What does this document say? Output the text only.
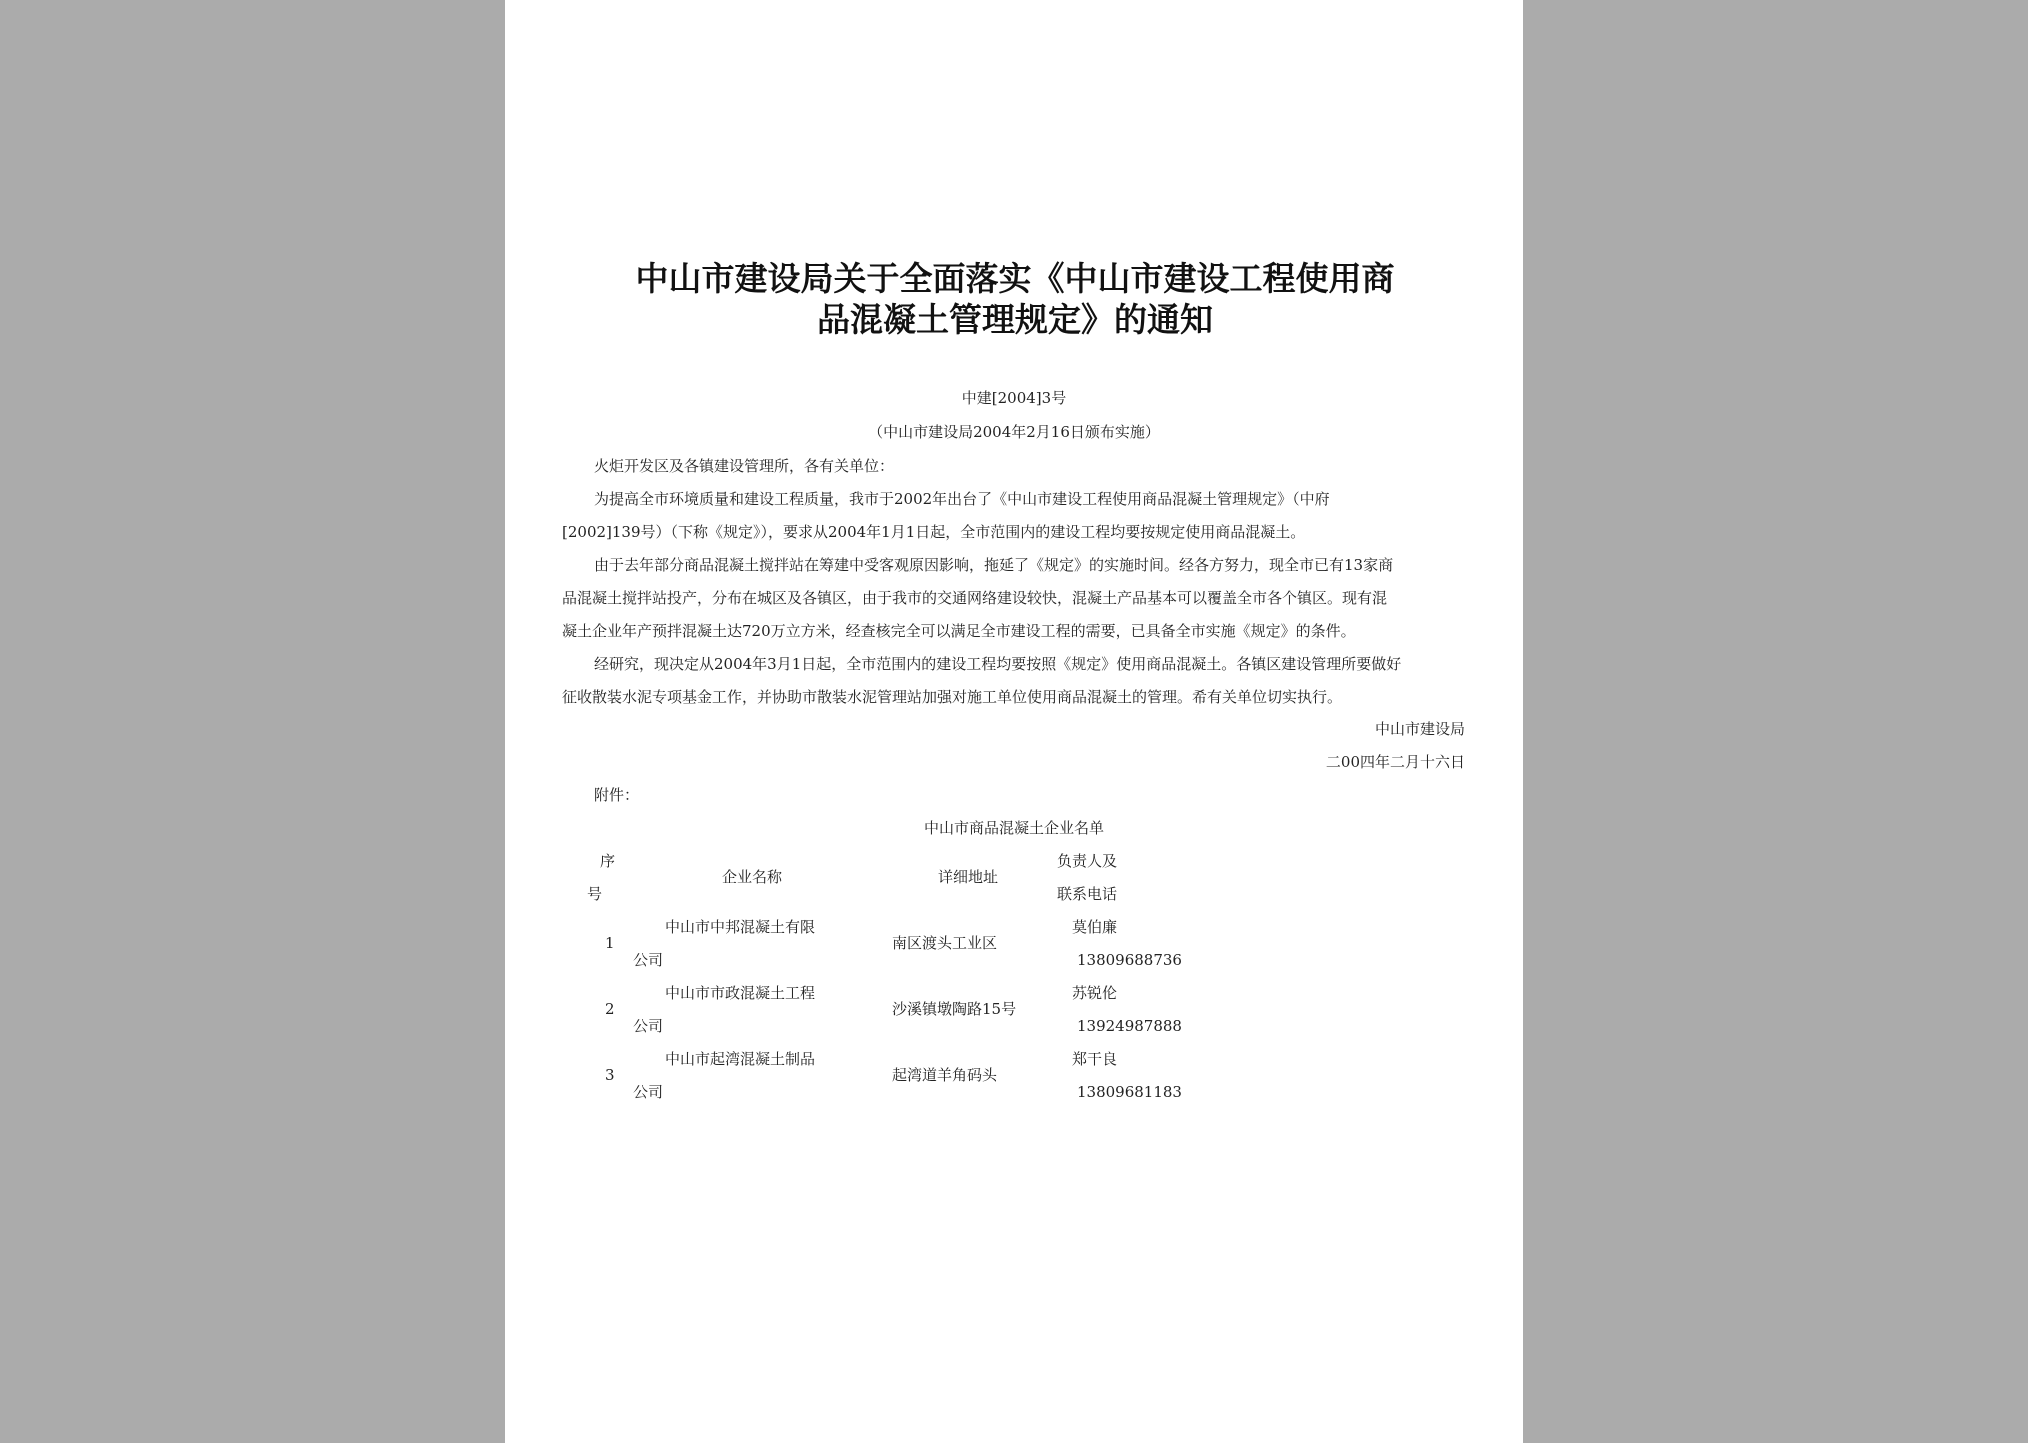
中山市建设局关于全面落实《中山市建设工程使用商
品混凝土管理规定》的通知
中建[2004]3号
（中山市建设局2004年2月16日颁布实施）
火炬开发区及各镇建设管理所，各有关单位：
为提高全市环境质量和建设工程质量，我市于2002年出台了《中山市建设工程使用商品混凝土管理规定》（中府
[2002]139号）（下称《规定》），要求从2004年1月1日起，全市范围内的建设工程均要按规定使用商品混凝土。
由于去年部分商品混凝土搅拌站在筹建中受客观原因影响，拖延了《规定》的实施时间。经各方努力，现全市已有13家商
品混凝土搅拌站投产，分布在城区及各镇区，由于我市的交通网络建设较快，混凝土产品基本可以覆盖全市各个镇区。现有混
凝土企业年产预拌混凝土达720万立方米，经查核完全可以满足全市建设工程的需要，已具备全市实施《规定》的条件。
经研究，现决定从2004年3月1日起，全市范围内的建设工程均要按照《规定》使用商品混凝土。各镇区建设管理所要做好
征收散装水泥专项基金工作，并协助市散装水泥管理站加强对施工单位使用商品混凝土的管理。希有关单位切实执行。
中山市建设局
二00四年二月十六日
附件：
中山市商品混凝土企业名单
序
号
企业名称	详细地址
负责人及
联系电话
1
中山市中邦混凝土有限
公司
南区渡头工业区
莫伯廉
13809688736
2
中山市市政混凝土工程
公司
沙溪镇墩陶路15号
苏锐伦
13924987888
3
中山市起湾混凝土制品
公司
起湾道羊角码头
郑干良
13809681183
